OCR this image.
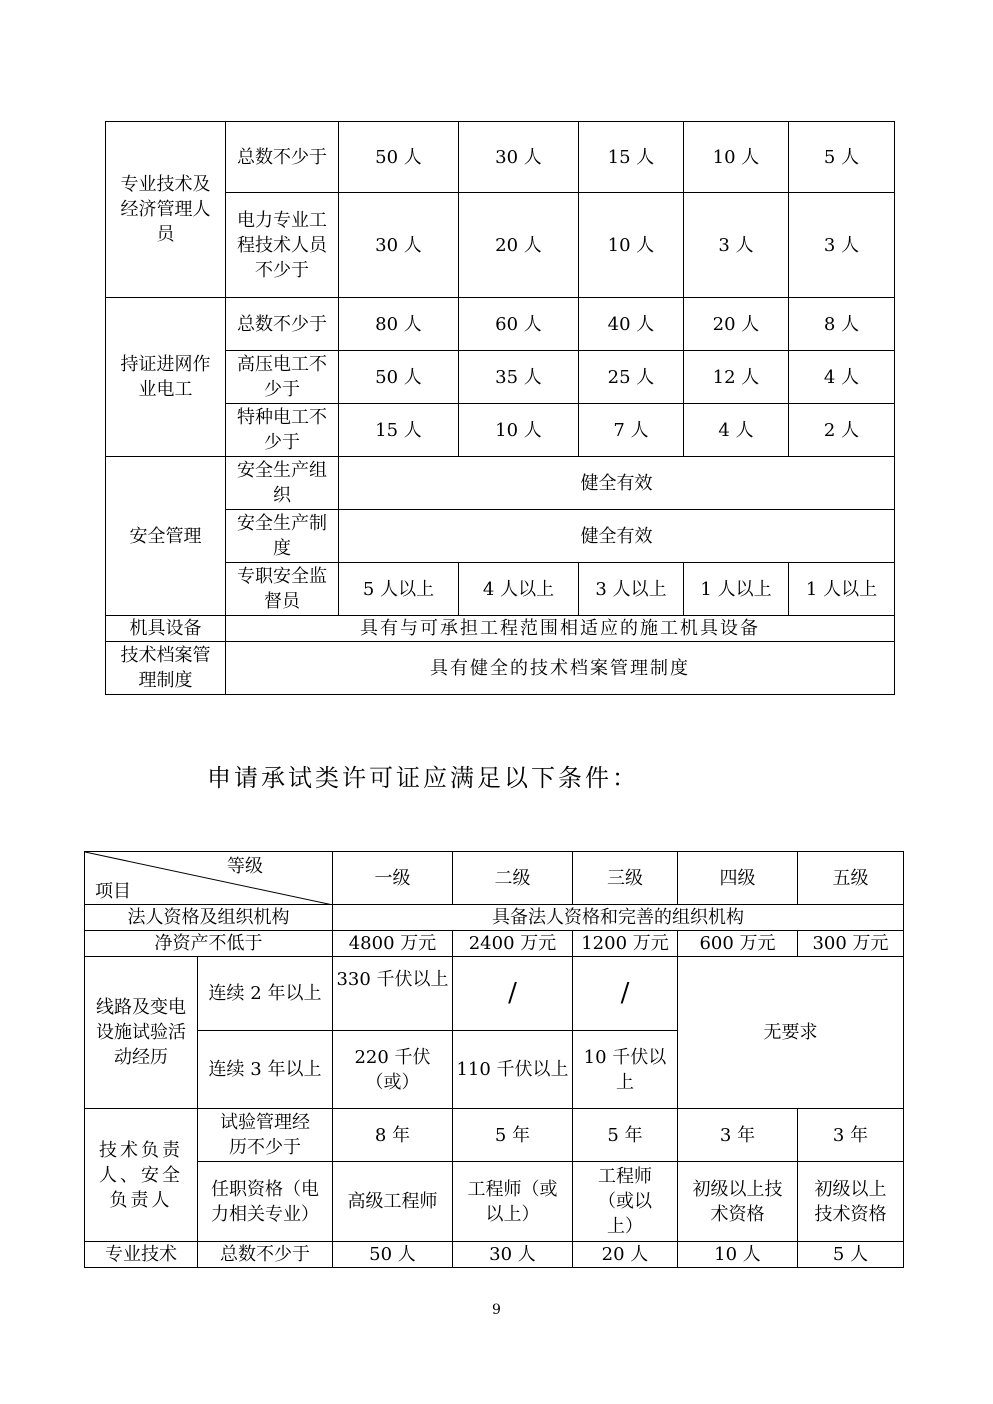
专业技术及经济管理人员	总数不少于	50 人	30 人	15 人	10 人	5 人
	电力专业工程技术人员不少于	30 人	20 人	10 人	3 人	3 人
持证进网作业电工	总数不少于	80 人	60 人	40 人	20 人	8 人
	高压电工不少于	50 人	35 人	25 人	12 人	4 人
	特种电工不少于	15 人	10 人	7 人	4 人	2 人
安全管理	安全生产组织	健全有效				
	安全生产制度	健全有效				
	专职安全监督员	5 人以上	4 人以上	3 人以上	1 人以上	1 人以上
机具设备	具有与可承担工程范围相适应的施工机具设备					
技术档案管理制度	具有健全的技术档案管理制度					
申请承试类许可证应满足以下条件：
等级
项目		一级	二级	三级	四级	五级
法人资格及组织机构		具备法人资格和完善的组织机构				
净资产不低于		4800 万元	2400 万元	1200 万元	600 万元	300 万元
线路及变电设施试验活动经历	连续 2 年以上	330 千伏以上	/	/	无要求	
	连续 3 年以上	220 千伏（或）	110 千伏以上	10 千伏以上		
技术负责人、安全负责人	试验管理经历不少于	8 年	5 年	5 年	3 年	3 年
	任职资格（电力相关专业）	高级工程师	工程师（或以上）	工程师（或以上）	初级以上技术资格	初级以上技术资格
专业技术	总数不少于	50 人	30 人	20 人	10 人	5 人
9
